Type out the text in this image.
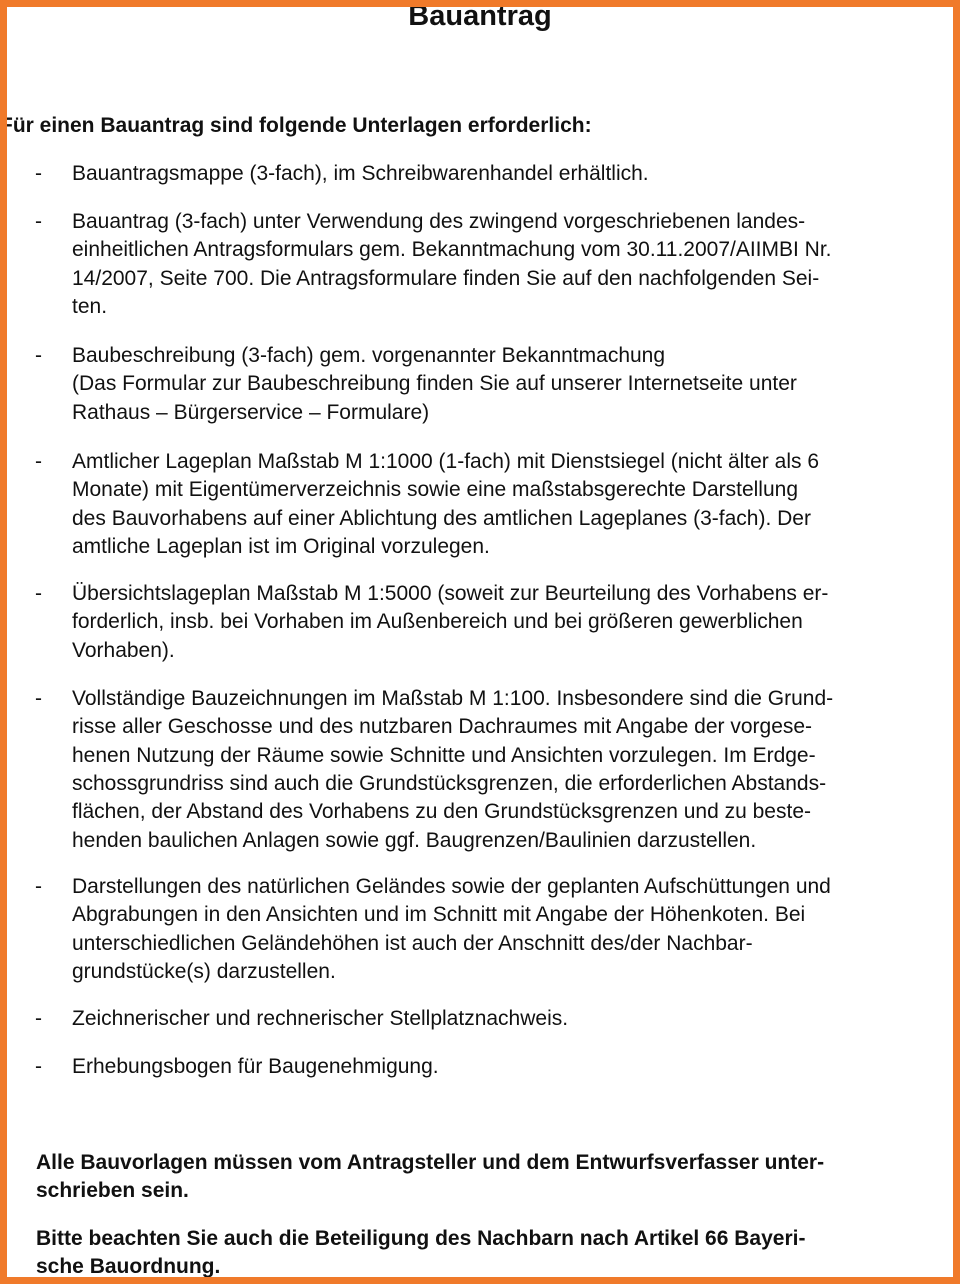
Bauantrag
Für einen Bauantrag sind folgende Unterlagen erforderlich:
- Bauantragsmappe (3-fach), im Schreibwarenhandel erhältlich.
- Bauantrag (3-fach) unter Verwendung des zwingend vorgeschriebenen landes-
einheitlichen Antragsformulars gem. Bekanntmachung vom 30.11.2007/AIIMBI Nr.
14/2007, Seite 700. Die Antragsformulare finden Sie auf den nachfolgenden Sei-
ten.
- Baubeschreibung (3-fach) gem. vorgenannter Bekanntmachung
(Das Formular zur Baubeschreibung finden Sie auf unserer Internetseite unter
Rathaus – Bürgerservice – Formulare)
- Amtlicher Lageplan Maßstab M 1:1000 (1-fach) mit Dienstsiegel (nicht älter als 6
Monate) mit Eigentümerverzeichnis sowie eine maßstabsgerechte Darstellung
des Bauvorhabens auf einer Ablichtung des amtlichen Lageplanes (3-fach). Der
amtliche Lageplan ist im Original vorzulegen.
- Übersichtslageplan Maßstab M 1:5000 (soweit zur Beurteilung des Vorhabens er-
forderlich, insb. bei Vorhaben im Außenbereich und bei größeren gewerblichen
Vorhaben).
- Vollständige Bauzeichnungen im Maßstab M 1:100. Insbesondere sind die Grund-
risse aller Geschosse und des nutzbaren Dachraumes mit Angabe der vorgese-
henen Nutzung der Räume sowie Schnitte und Ansichten vorzulegen. Im Erdge-
schossgrundriss sind auch die Grundstücksgrenzen, die erforderlichen Abstands-
flächen, der Abstand des Vorhabens zu den Grundstücksgrenzen und zu beste-
henden baulichen Anlagen sowie ggf. Baugrenzen/Baulinien darzustellen.
- Darstellungen des natürlichen Geländes sowie der geplanten Aufschüttungen und
Abgrabungen in den Ansichten und im Schnitt mit Angabe der Höhenkoten. Bei
unterschiedlichen Geländehöhen ist auch der Anschnitt des/der Nachbar-
grundstücke(s) darzustellen.
- Zeichnerischer und rechnerischer Stellplatznachweis.
- Erhebungsbogen für Baugenehmigung.
Alle Bauvorlagen müssen vom Antragsteller und dem Entwurfsverfasser unter-
schrieben sein.
Bitte beachten Sie auch die Beteiligung des Nachbarn nach Artikel 66 Bayeri-
sche Bauordnung.
